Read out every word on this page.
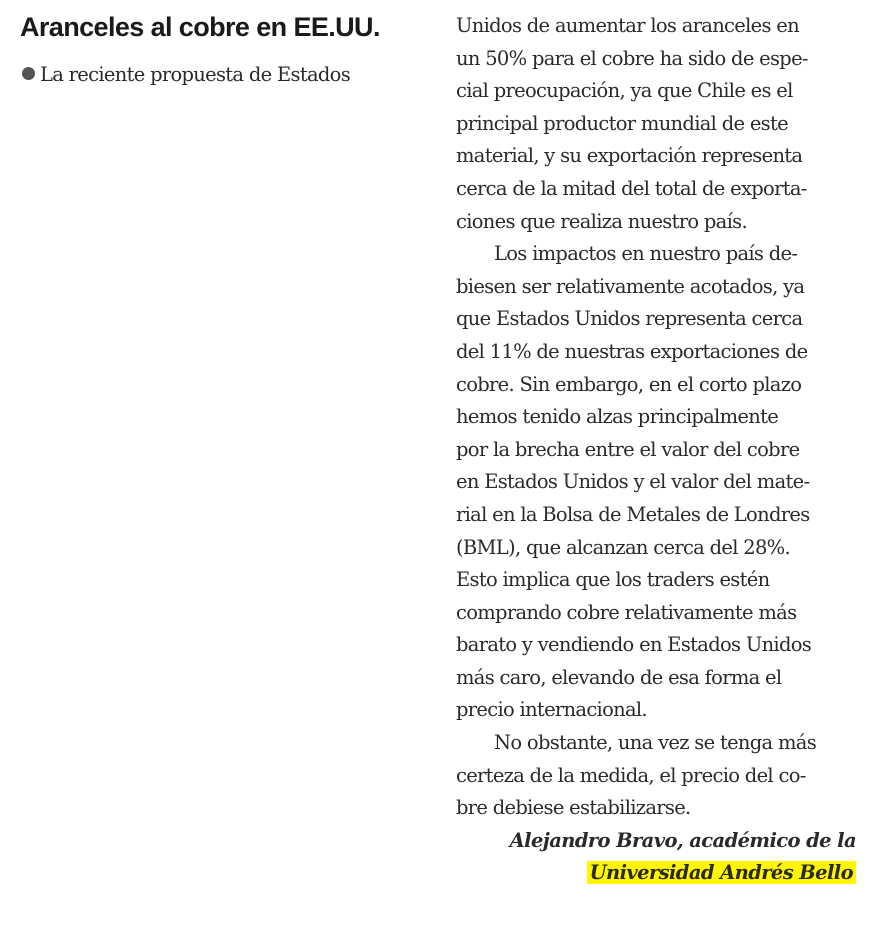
Aranceles al cobre en EE.UU.
La reciente propuesta de Estados
Unidos de aumentar los aranceles en
un 50% para el cobre ha sido de espe-
cial preocupación, ya que Chile es el
principal productor mundial de este
material, y su exportación representa
cerca de la mitad del total de exporta-
ciones que realiza nuestro país.
Los impactos en nuestro país de-
biesen ser relativamente acotados, ya
que Estados Unidos representa cerca
del 11% de nuestras exportaciones de
cobre. Sin embargo, en el corto plazo
hemos tenido alzas principalmente
por la brecha entre el valor del cobre
en Estados Unidos y el valor del mate-
rial en la Bolsa de Metales de Londres
(BML), que alcanzan cerca del 28%.
Esto implica que los traders estén
comprando cobre relativamente más
barato y vendiendo en Estados Unidos
más caro, elevando de esa forma el
precio internacional.
No obstante, una vez se tenga más
certeza de la medida, el precio del co-
bre debiese estabilizarse.
Alejandro Bravo, académico de la
Universidad Andrés Bello
